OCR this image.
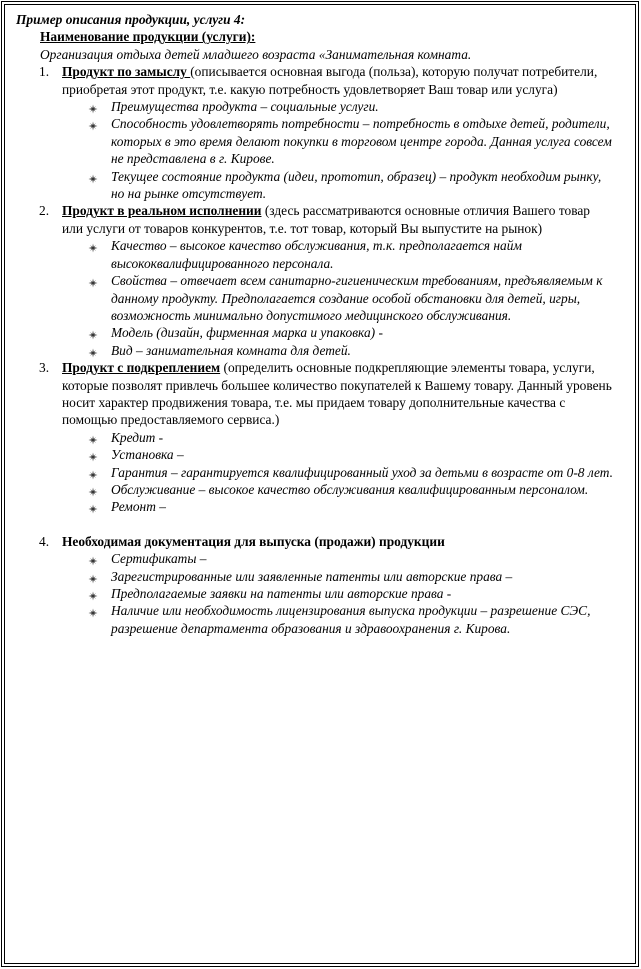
Пример описания продукции, услуги 4:
Наименование продукции (услуги):
Организация отдыха детей младшего возраста «Занимательная комната.
1. Продукт по замыслу (описывается основная выгода (польза), которую получат потребители, приобретая этот продукт, т.е. какую потребность удовлетворяет Ваш товар или услуга)
Преимущества продукта – социальные услуги.
Способность удовлетворять потребности – потребность в отдыхе детей, родители, которых в это время делают покупки в торговом центре города. Данная услуга совсем не представлена в г. Кирове.
Текущее состояние продукта (идеи, прототип, образец) – продукт необходим рынку, но на рынке отсутствует.
2. Продукт в реальном исполнении (здесь рассматриваются основные отличия Вашего товар или услуги от товаров конкурентов, т.е. тот товар, который Вы выпустите на рынок)
Качество – высокое качество обслуживания, т.к. предполагается найм высококвалифицированного персонала.
Свойства – отвечает всем санитарно-гигиеническим требованиям, предъявляемым к данному продукту. Предполагается создание особой обстановки для детей, игры, возможность минимально допустимого медицинского обслуживания.
Модель (дизайн, фирменная марка и упаковка) -
Вид – занимательная комната для детей.
3. Продукт с подкреплением (определить основные подкрепляющие элементы товара, услуги, которые позволят привлечь большее количество покупателей к Вашему товару. Данный уровень носит характер продвижения товара, т.е. мы придаем товару дополнительные качества с помощью предоставляемого сервиса.)
Кредит -
Установка –
Гарантия – гарантируется квалифицированный уход за детьми в возрасте от 0-8 лет.
Обслуживание – высокое качество обслуживания квалифицированным персоналом.
Ремонт –
4. Необходимая документация для выпуска (продажи) продукции
Сертификаты –
Зарегистрированные или заявленные патенты или авторские права –
Предполагаемые заявки на патенты или авторские права -
Наличие или необходимость лицензирования выпуска продукции – разрешение СЭС, разрешение департамента образования и здравоохранения г. Кирова.
